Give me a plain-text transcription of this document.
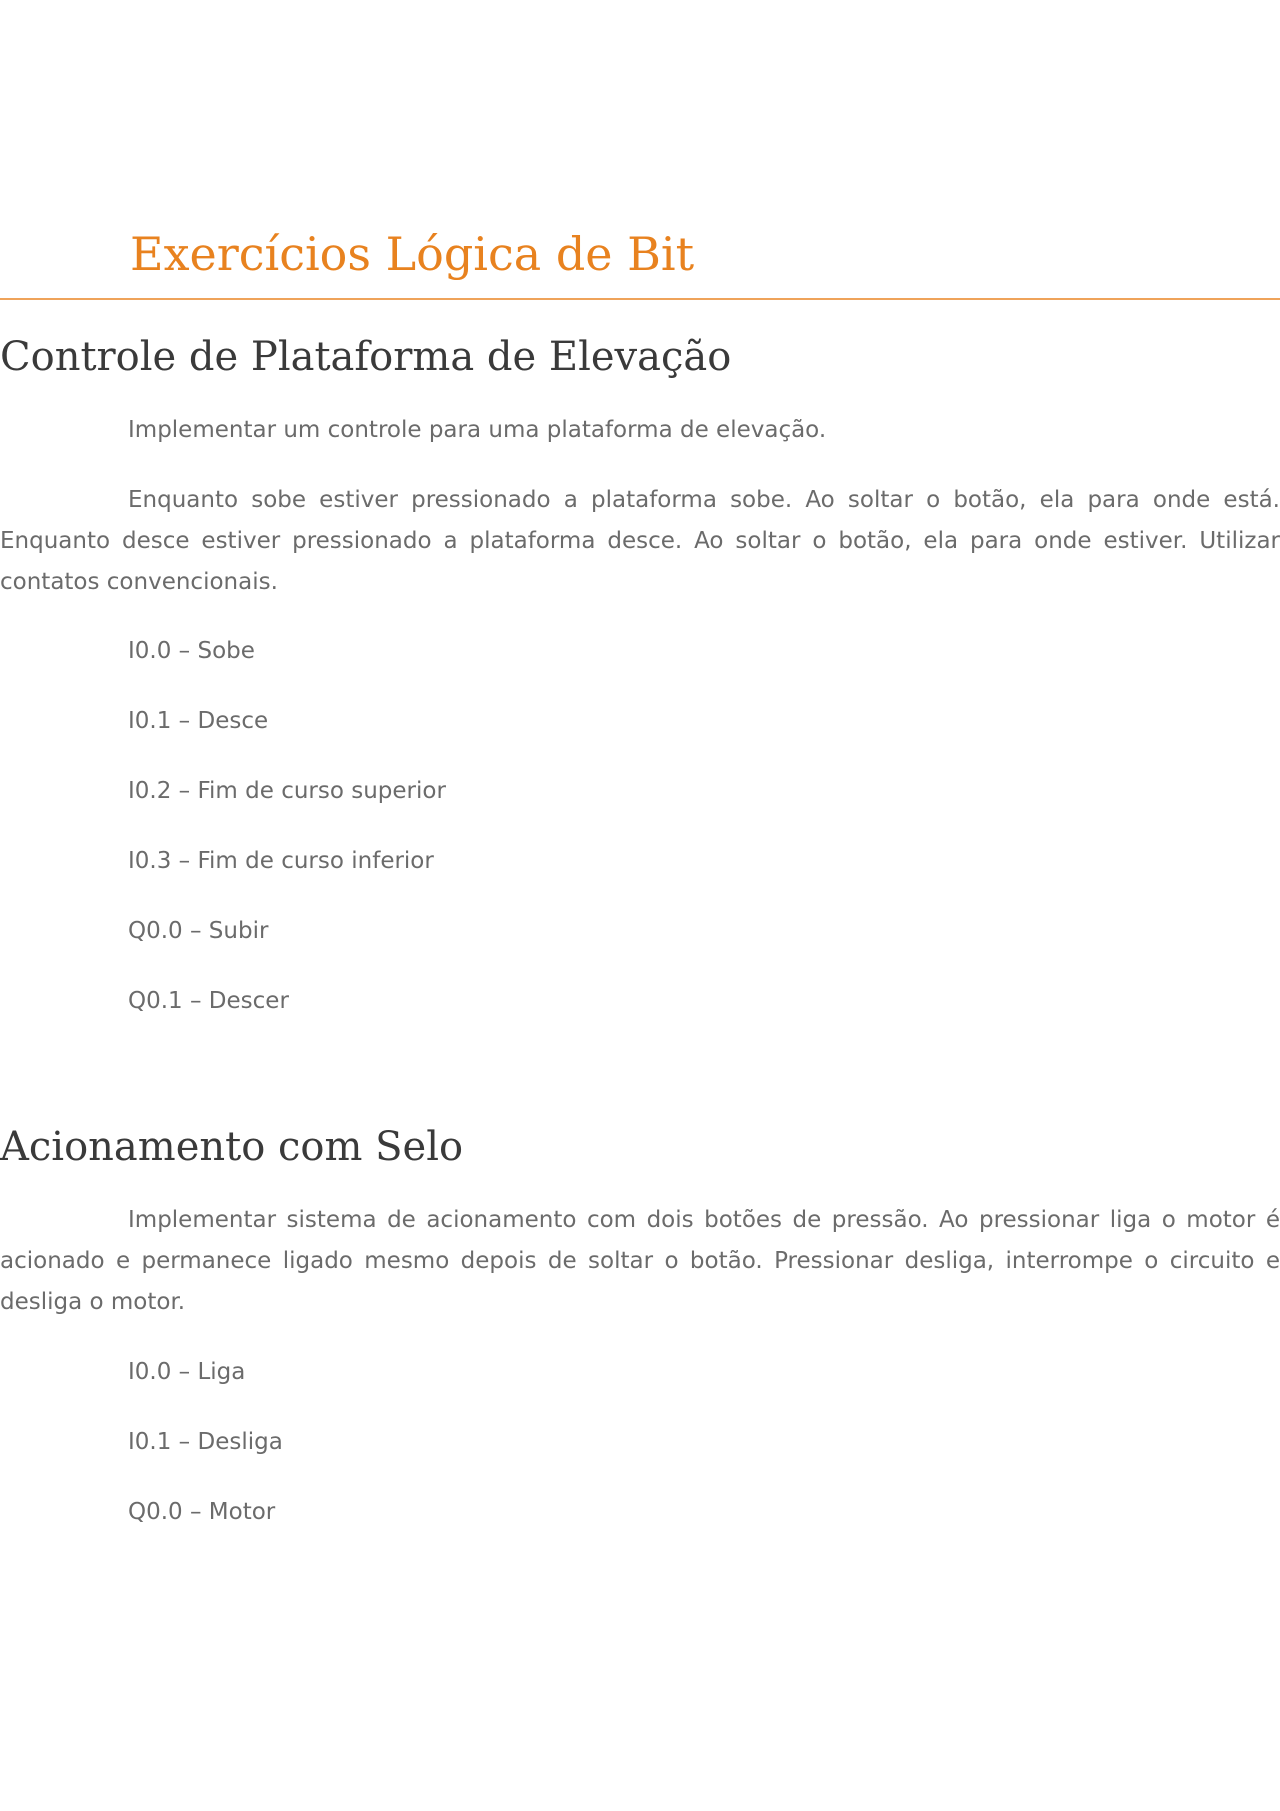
Exercícios Lógica de Bit
Controle de Plataforma de Elevação

Implementar um controle para uma plataforma de elevação.

Enquanto sobe estiver pressionado a plataforma sobe. Ao soltar o botão, ela para onde está. Enquanto desce estiver pressionado a plataforma desce. Ao soltar o botão, ela para onde estiver. Utilizar contatos convencionais.

I0.0 – Sobe
I0.1 – Desce
I0.2 – Fim de curso superior
I0.3 – Fim de curso inferior
Q0.0 – Subir
Q0.1 – Descer
Acionamento com Selo

Implementar sistema de acionamento com dois botões de pressão. Ao pressionar liga o motor é acionado e permanece ligado mesmo depois de soltar o botão. Pressionar desliga, interrompe o circuito e desliga o motor.

I0.0 – Liga
I0.1 – Desliga
Q0.0 – Motor
